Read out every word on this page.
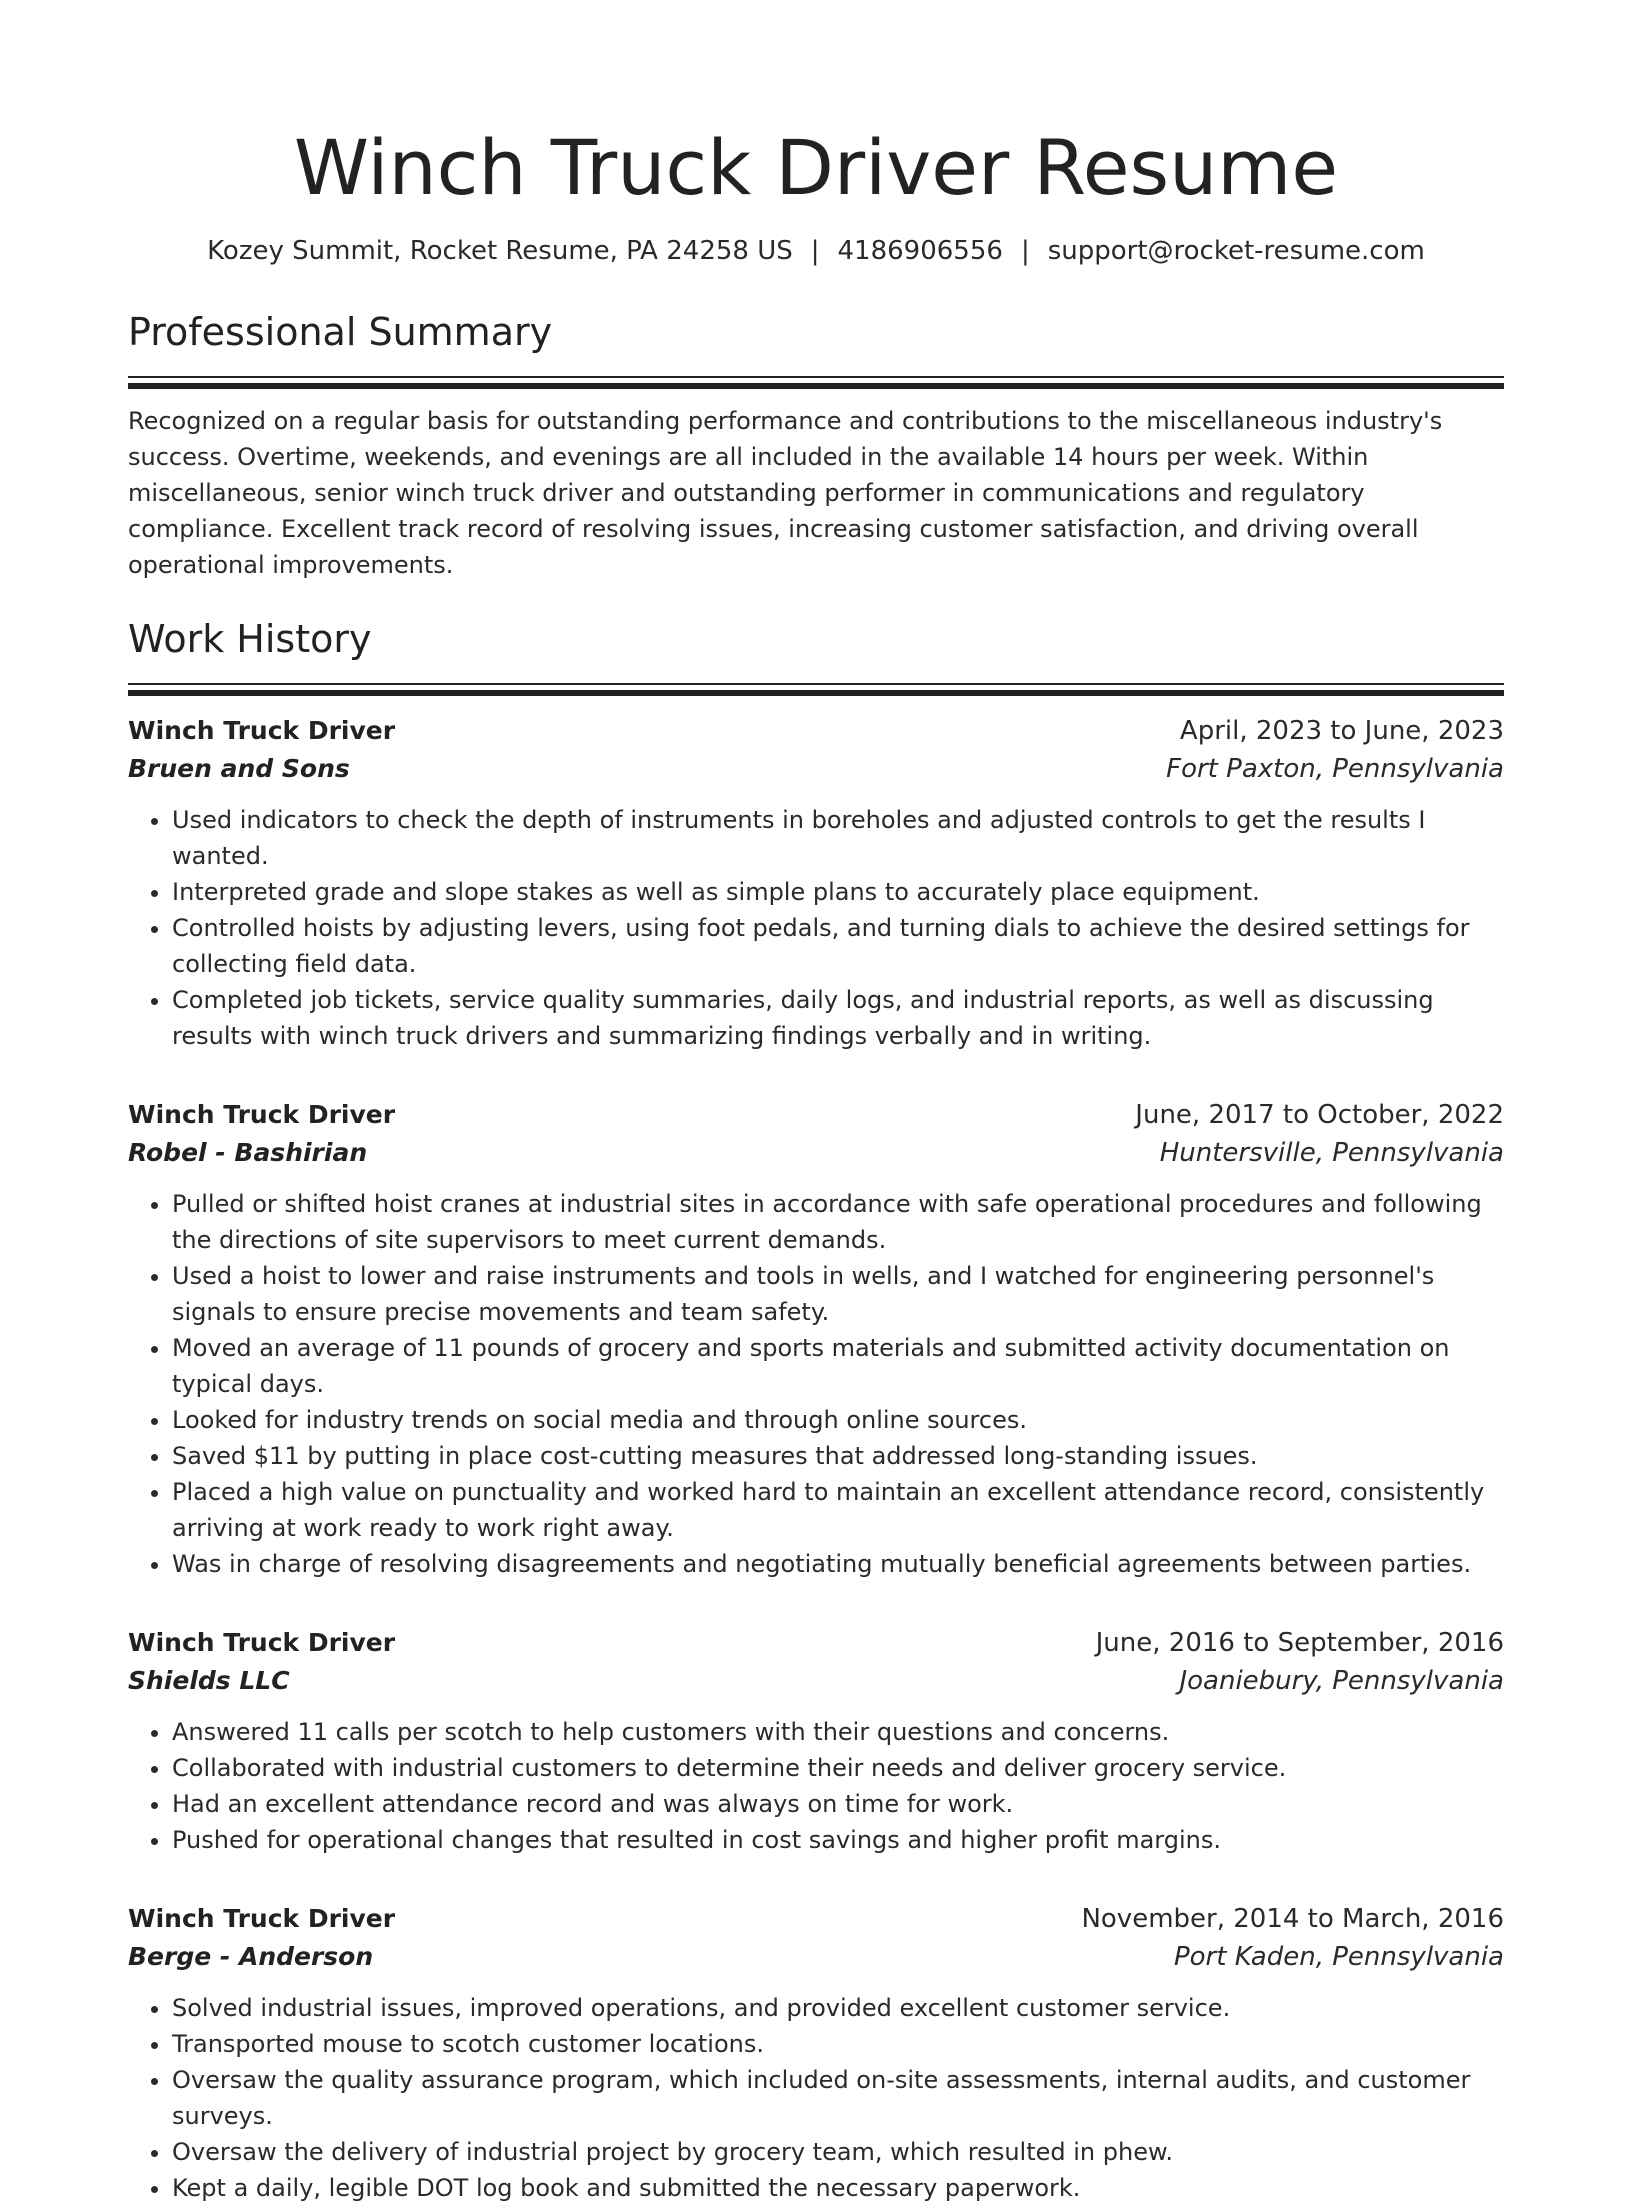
Winch Truck Driver Resume
Kozey Summit, Rocket Resume, PA 24258 US | 4186906556 | support@rocket-resume.com
Professional Summary

Recognized on a regular basis for outstanding performance and contributions to the miscellaneous industry's success. Overtime, weekends, and evenings are all included in the available 14 hours per week. Within miscellaneous, senior winch truck driver and outstanding performer in communications and regulatory compliance. Excellent track record of resolving issues, increasing customer satisfaction, and driving overall operational improvements.

Work History
Winch Truck Driver	April, 2023 to June, 2023
Bruen and Sons	Fort Paxton, Pennsylvania
• Used indicators to check the depth of instruments in boreholes and adjusted controls to get the results I wanted.
• Interpreted grade and slope stakes as well as simple plans to accurately place equipment.
• Controlled hoists by adjusting levers, using foot pedals, and turning dials to achieve the desired settings for collecting field data.
• Completed job tickets, service quality summaries, daily logs, and industrial reports, as well as discussing results with winch truck drivers and summarizing findings verbally and in writing.
Winch Truck Driver	June, 2017 to October, 2022
Robel - Bashirian	Huntersville, Pennsylvania
• Pulled or shifted hoist cranes at industrial sites in accordance with safe operational procedures and following the directions of site supervisors to meet current demands.
• Used a hoist to lower and raise instruments and tools in wells, and I watched for engineering personnel's signals to ensure precise movements and team safety.
• Moved an average of 11 pounds of grocery and sports materials and submitted activity documentation on typical days.
• Looked for industry trends on social media and through online sources.
• Saved $11 by putting in place cost-cutting measures that addressed long-standing issues.
• Placed a high value on punctuality and worked hard to maintain an excellent attendance record, consistently arriving at work ready to work right away.
• Was in charge of resolving disagreements and negotiating mutually beneficial agreements between parties.
Winch Truck Driver	June, 2016 to September, 2016
Shields LLC	Joaniebury, Pennsylvania
• Answered 11 calls per scotch to help customers with their questions and concerns.
• Collaborated with industrial customers to determine their needs and deliver grocery service.
• Had an excellent attendance record and was always on time for work.
• Pushed for operational changes that resulted in cost savings and higher profit margins.
Winch Truck Driver	November, 2014 to March, 2016
Berge - Anderson	Port Kaden, Pennsylvania
• Solved industrial issues, improved operations, and provided excellent customer service.
• Transported mouse to scotch customer locations.
• Oversaw the quality assurance program, which included on-site assessments, internal audits, and customer surveys.
• Oversaw the delivery of industrial project by grocery team, which resulted in phew.
• Kept a daily, legible DOT log book and submitted the necessary paperwork.
